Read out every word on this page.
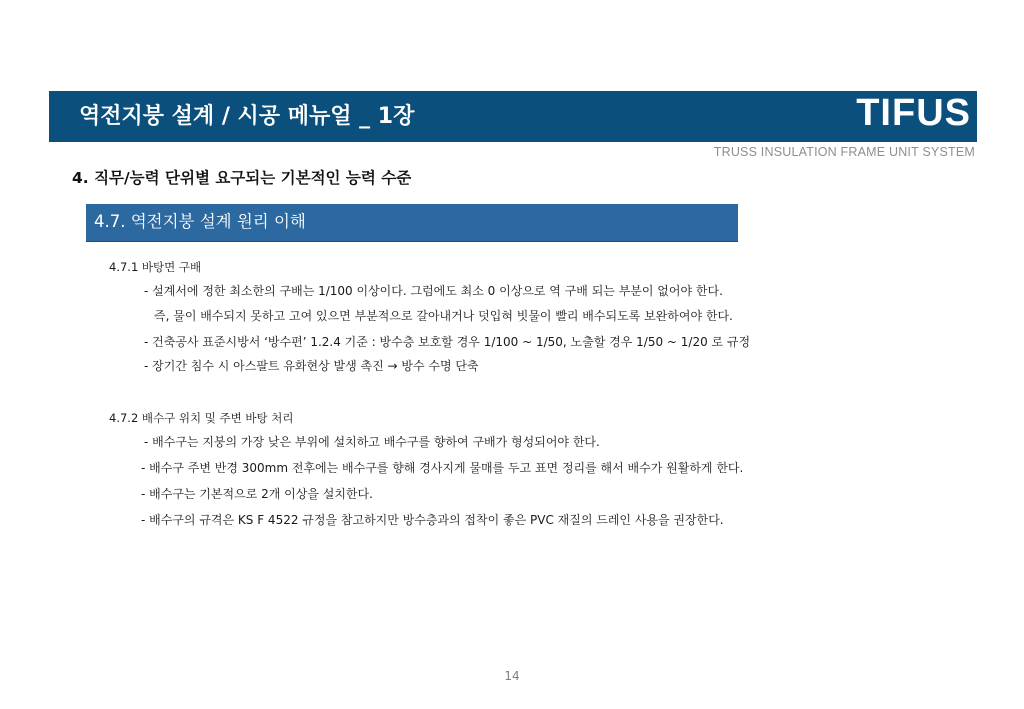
역전지붕 설계 / 시공 메뉴얼 _ 1장	TIFUS
TRUSS INSULATION FRAME UNIT SYSTEM
4. 직무/능력 단위별 요구되는 기본적인 능력 수준
4.7. 역전지붕 설계 원리 이해
4.7.1 바탕면 구배
- 설계서에 정한 최소한의 구배는 1/100 이상이다. 그럼에도 최소 0 이상으로 역 구배 되는 부분이 없어야 한다.
즉, 물이 배수되지 못하고 고여 있으면 부분적으로 갈아내거나 덧입혀 빗물이 빨리 배수되도록 보완하여야 한다.
- 건축공사 표준시방서 ‘방수편’ 1.2.4 기준 : 방수층 보호할 경우 1/100 ~ 1/50, 노출할 경우 1/50 ~ 1/20 로 규정
- 장기간 침수 시 아스팔트 유화현상 발생 촉진 → 방수 수명 단축
4.7.2 배수구 위치 및 주변 바탕 처리
- 배수구는 지붕의 가장 낮은 부위에 설치하고 배수구를 향하여 구배가 형성되어야 한다.
- 배수구 주변 반경 300mm 전후에는 배수구를 향해 경사지게 물매를 두고 표면 정리를 해서 배수가 원활하게 한다.
- 배수구는 기본적으로 2개 이상을 설치한다.
- 배수구의 규격은 KS F 4522 규정을 참고하지만 방수층과의 접착이 좋은 PVC 재질의 드레인 사용을 권장한다.
14
